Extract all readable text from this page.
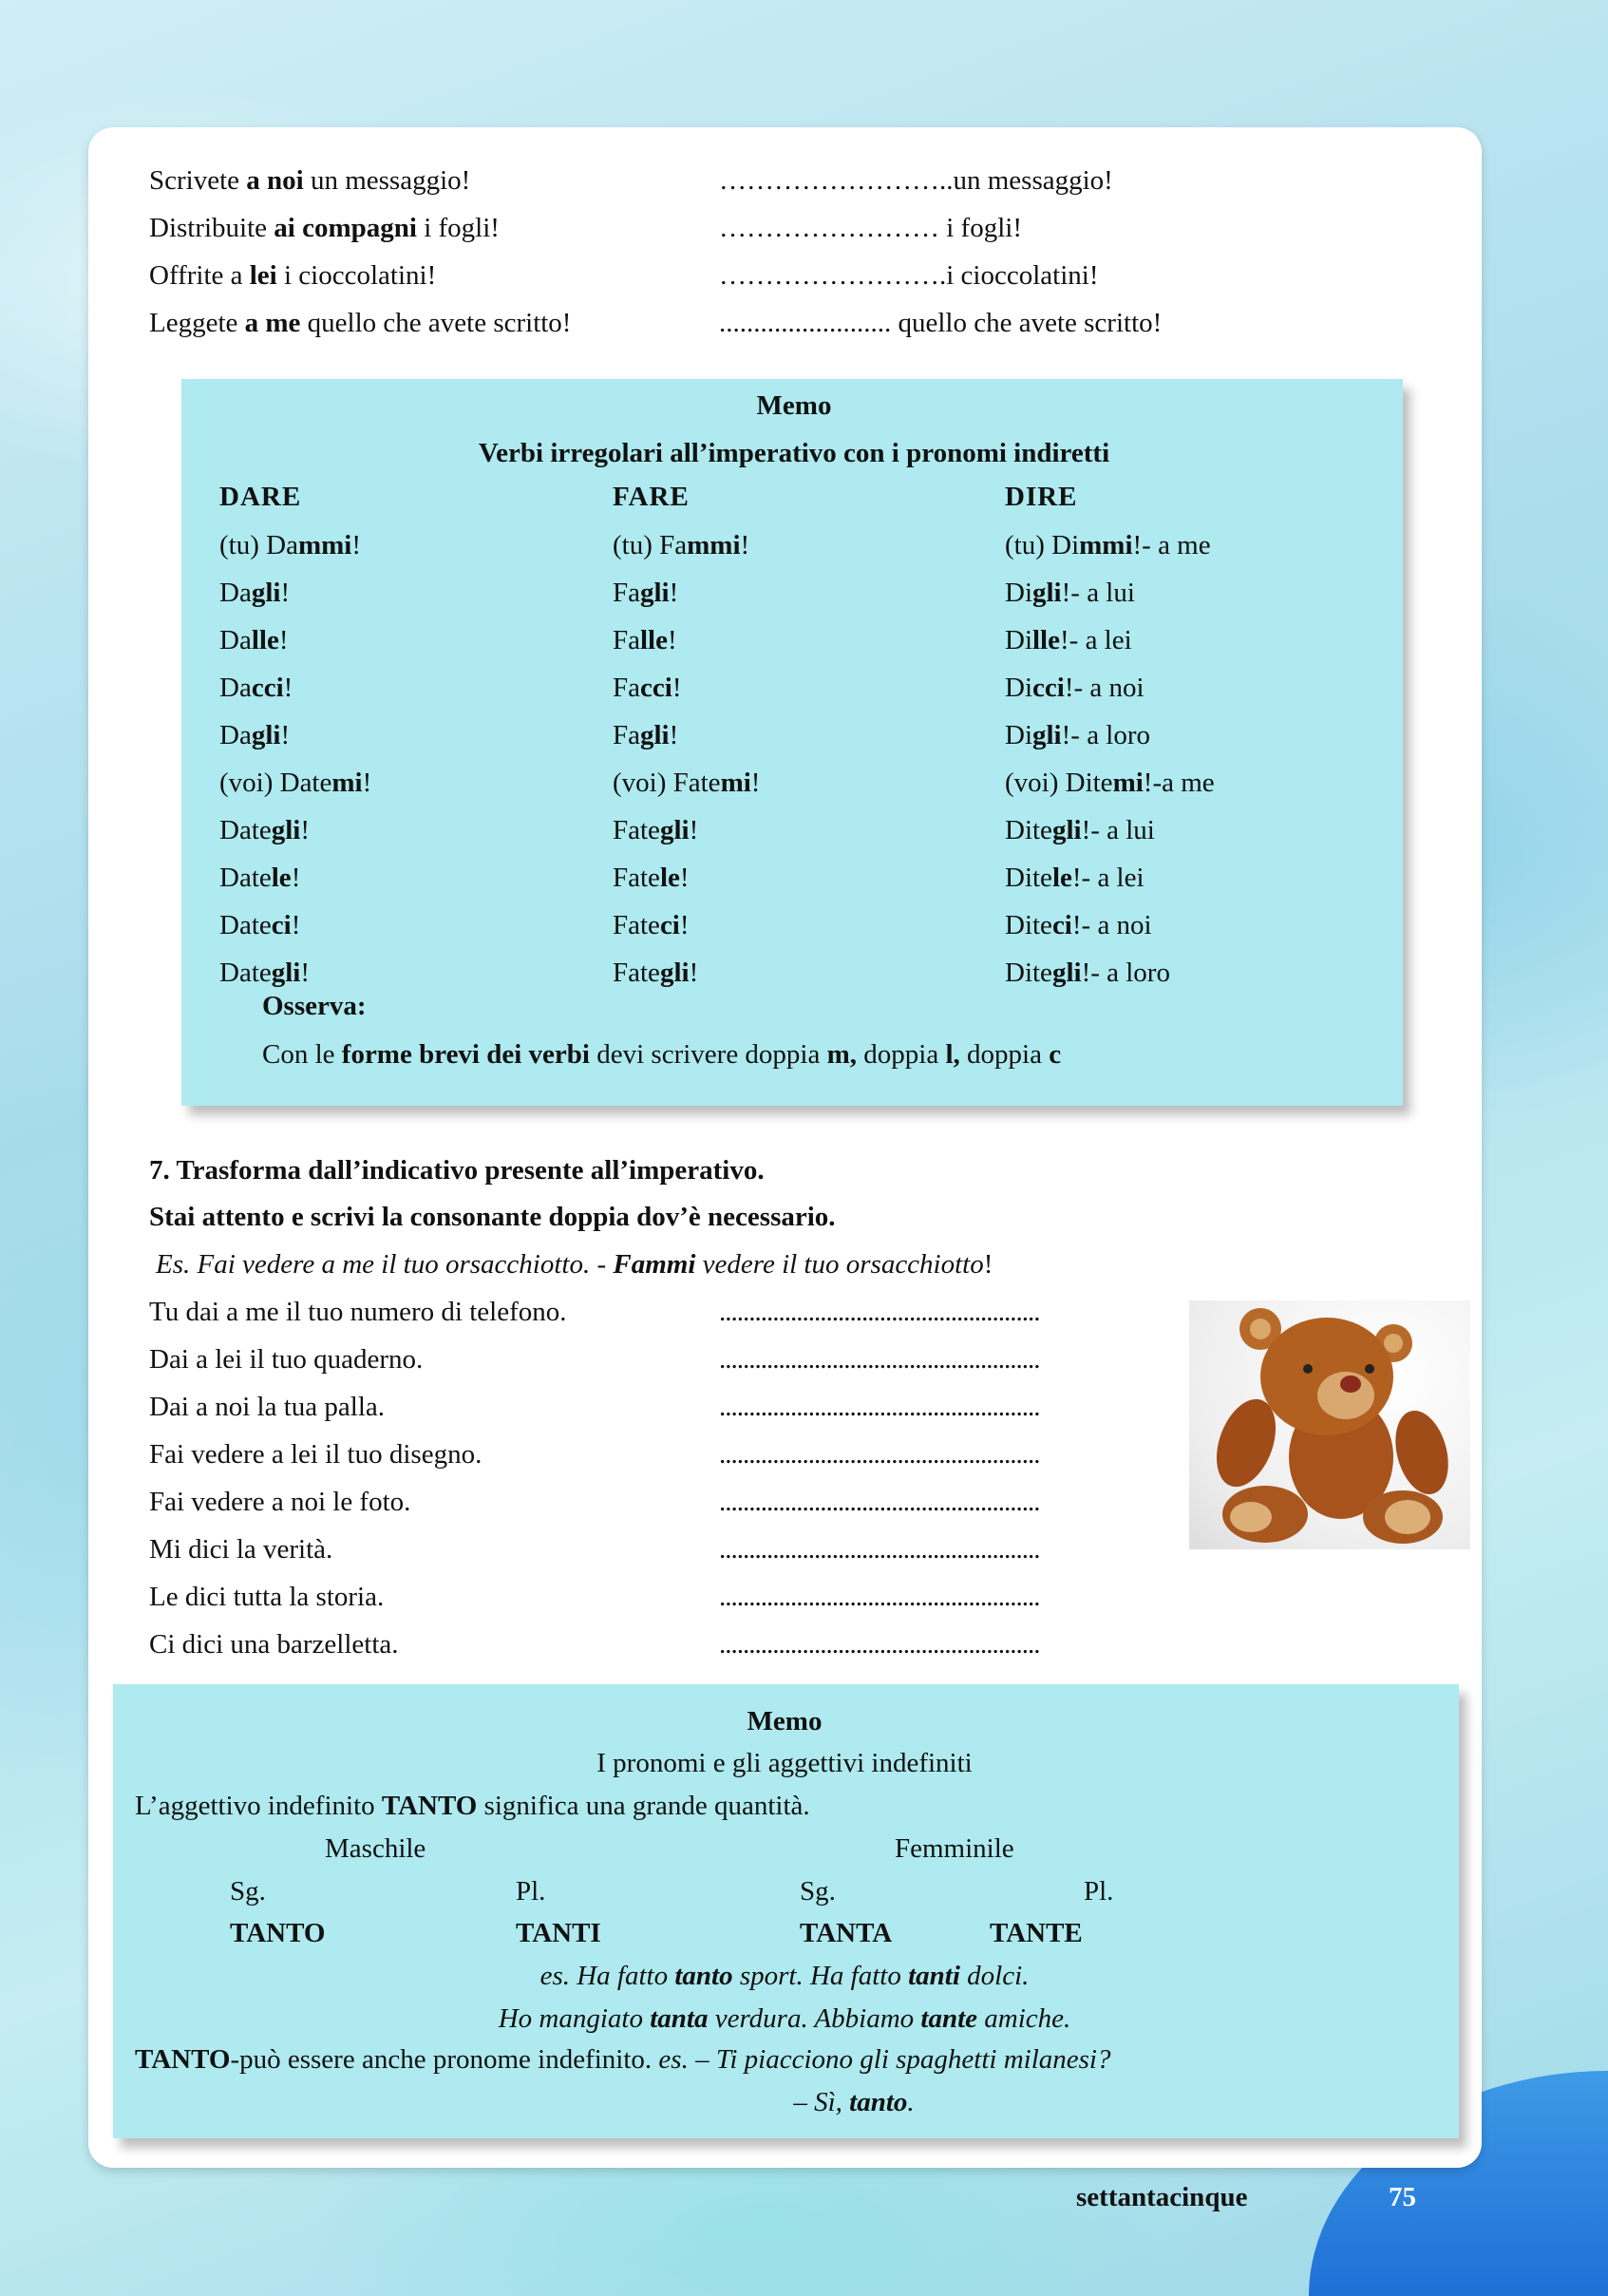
Scrivete a noi un messaggio!	……………………..un messaggio!
Distribuite ai compagni i fogli!	…………………… i fogli!
Offrite a lei i cioccolatini!	…………………….i cioccolatini!
Leggete a me quello che avete scritto!	......................... quello che avete scritto!
Memo
Verbi irregolari all’imperativo con i pronomi indiretti
DARE	FARE	DIRE
(tu) Dammi!	(tu) Fammi!	(tu) Dimmi!- a me
Dagli!	Fagli!	Digli!- a lui
Dalle!	Falle!	Dille!- a lei
Dacci!	Facci!	Dicci!- a noi
Dagli!	Fagli!	Digli!- a loro
(voi) Datemi!	(voi) Fatemi!	(voi) Ditemi!-a me
Dategli!	Fategli!	Ditegli!- a lui
Datele!	Fatele!	Ditele!- a lei
Dateci!	Fateci!	Diteci!- a noi
Dategli!	Fategli!	Ditegli!- a loro
Osserva:
Con le forme brevi dei verbi devi scrivere doppia m, doppia l, doppia c
7. Trasforma dall’indicativo presente all’imperativo.
Stai attento e scrivi la consonante doppia dov’è necessario.
Es. Fai vedere a me il tuo orsacchiotto. - Fammi vedere il tuo orsacchiotto!
Tu dai a me il tuo numero di telefono.	......................................................
Dai a lei il tuo quaderno.	......................................................
Dai a noi la tua palla.	......................................................
Fai vedere a lei il tuo disegno.	......................................................
Fai vedere a noi le foto.	......................................................
Mi dici la verità.	......................................................
Le dici tutta la storia.	......................................................
Ci dici una barzelletta.	......................................................
Memo
I pronomi e gli aggettivi indefiniti
L’aggettivo indefinito TANTO significa una grande quantità.
Maschile	Femminile
Sg.	Pl.	Sg.	Pl.
TANTO	TANTI	TANTA	TANTE
es. Ha fatto tanto sport. Ha fatto tanti dolci.
Ho mangiato tanta verdura. Abbiamo tante amiche.
TANTO-può essere anche pronome indefinito. es. – Ti piacciono gli spaghetti milanesi?
– Sì, tanto.
settantacinque	75
